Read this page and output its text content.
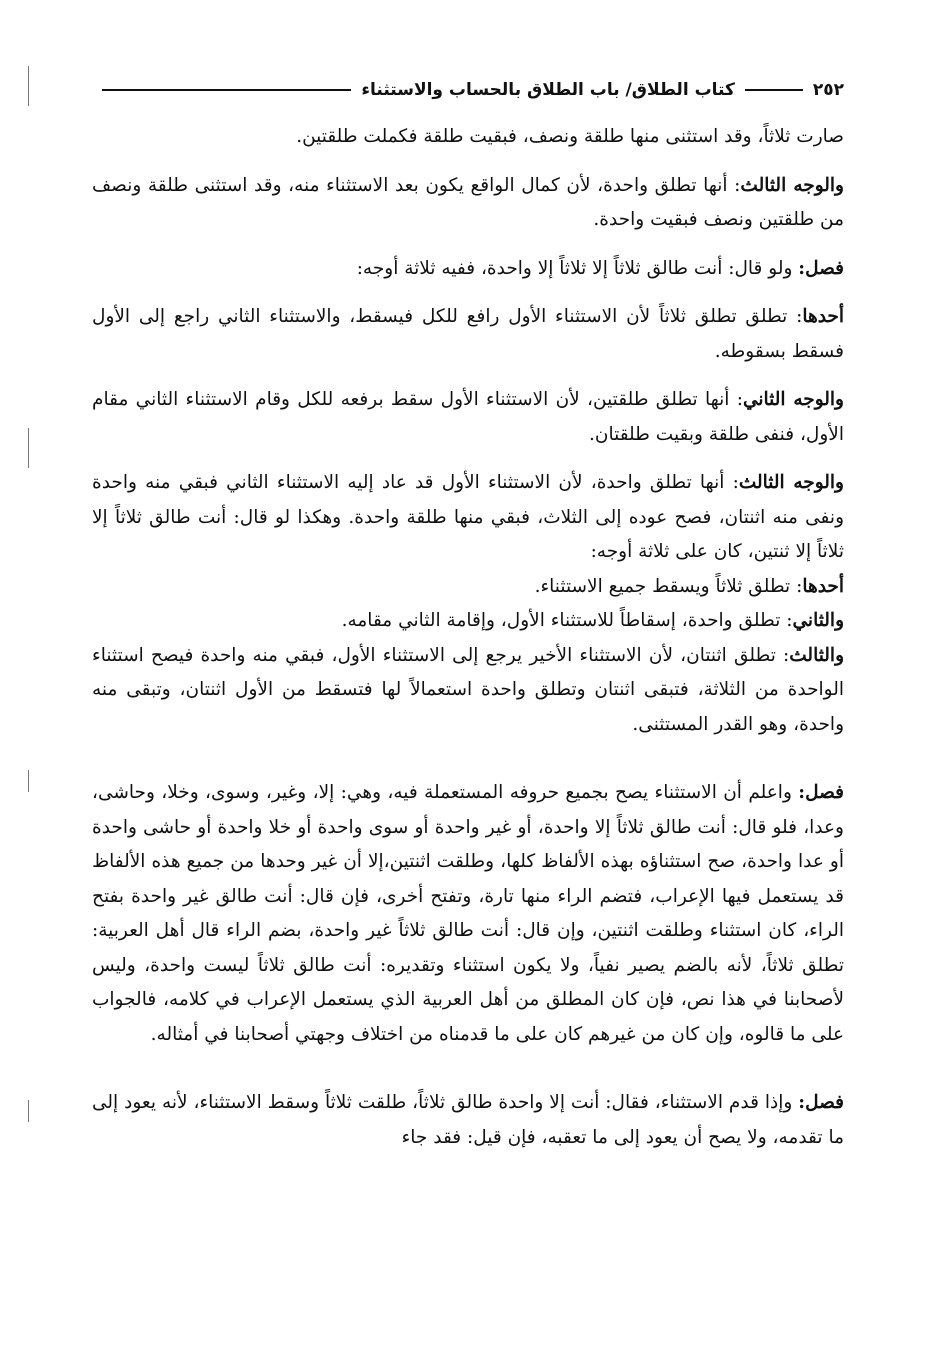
٢٥٢
كتاب الطلاق/ باب الطلاق بالحساب والاستثناء

صارت ثلاثاً، وقد استثنى منها طلقة ونصف، فبقيت طلقة فكملت طلقتين.

والوجه الثالث: أنها تطلق واحدة، لأن كمال الواقع يكون بعد الاستثناء منه، وقد استثنى طلقة ونصف من طلقتين ونصف فبقيت واحدة.

فصل: ولو قال: أنت طالق ثلاثاً إلا ثلاثاً إلا واحدة، ففيه ثلاثة أوجه:

أحدها: تطلق تطلق ثلاثاً لأن الاستثناء الأول رافع للكل فيسقط، والاستثناء الثاني راجع إلى الأول فسقط بسقوطه.

والوجه الثاني: أنها تطلق طلقتين، لأن الاستثناء الأول سقط برفعه للكل وقام الاستثناء الثاني مقام الأول، فنفى طلقة وبقيت طلقتان.

والوجه الثالث: أنها تطلق واحدة، لأن الاستثناء الأول قد عاد إليه الاستثناء الثاني فبقي منه واحدة ونفى منه اثنتان، فصح عوده إلى الثلاث، فبقي منها طلقة واحدة. وهكذا لو قال: أنت طالق ثلاثاً إلا ثلاثاً إلا ثنتين، كان على ثلاثة أوجه:

أحدها: تطلق ثلاثاً ويسقط جميع الاستثناء.

والثاني: تطلق واحدة، إسقاطاً للاستثناء الأول، وإقامة الثاني مقامه.

والثالث: تطلق اثنتان، لأن الاستثناء الأخير يرجع إلى الاستثناء الأول، فبقي منه واحدة فيصح استثناء الواحدة من الثلاثة، فتبقى اثنتان وتطلق واحدة استعمالاً لها فتسقط من الأول اثنتان، وتبقى منه واحدة، وهو القدر المستثنى.

فصل: واعلم أن الاستثناء يصح بجميع حروفه المستعملة فيه، وهي: إلا، وغير، وسوى، وخلا، وحاشى، وعدا، فلو قال: أنت طالق ثلاثاً إلا واحدة، أو غير واحدة أو سوى واحدة أو خلا واحدة أو حاشى واحدة أو عدا واحدة، صح استثناؤه بهذه الألفاظ كلها، وطلقت اثنتين،إلا أن غير وحدها من جميع هذه الألفاظ قد يستعمل فيها الإعراب، فتضم الراء منها تارة، وتفتح أخرى، فإن قال: أنت طالق غير واحدة بفتح الراء، كان استثناء وطلقت اثنتين، وإن قال: أنت طالق ثلاثاً غير واحدة، بضم الراء قال أهل العربية: تطلق ثلاثاً، لأنه بالضم يصير نفياً، ولا يكون استثناء وتقديره: أنت طالق ثلاثاً ليست واحدة، وليس لأصحابنا في هذا نص، فإن كان المطلق من أهل العربية الذي يستعمل الإعراب في كلامه، فالجواب على ما قالوه، وإن كان من غيرهم كان على ما قدمناه من اختلاف وجهتي أصحابنا في أمثاله.

فصل: وإذا قدم الاستثناء، فقال: أنت إلا واحدة طالق ثلاثاً، طلقت ثلاثاً وسقط الاستثناء، لأنه يعود إلى ما تقدمه، ولا يصح أن يعود إلى ما تعقبه، فإن قيل: فقد جاء
